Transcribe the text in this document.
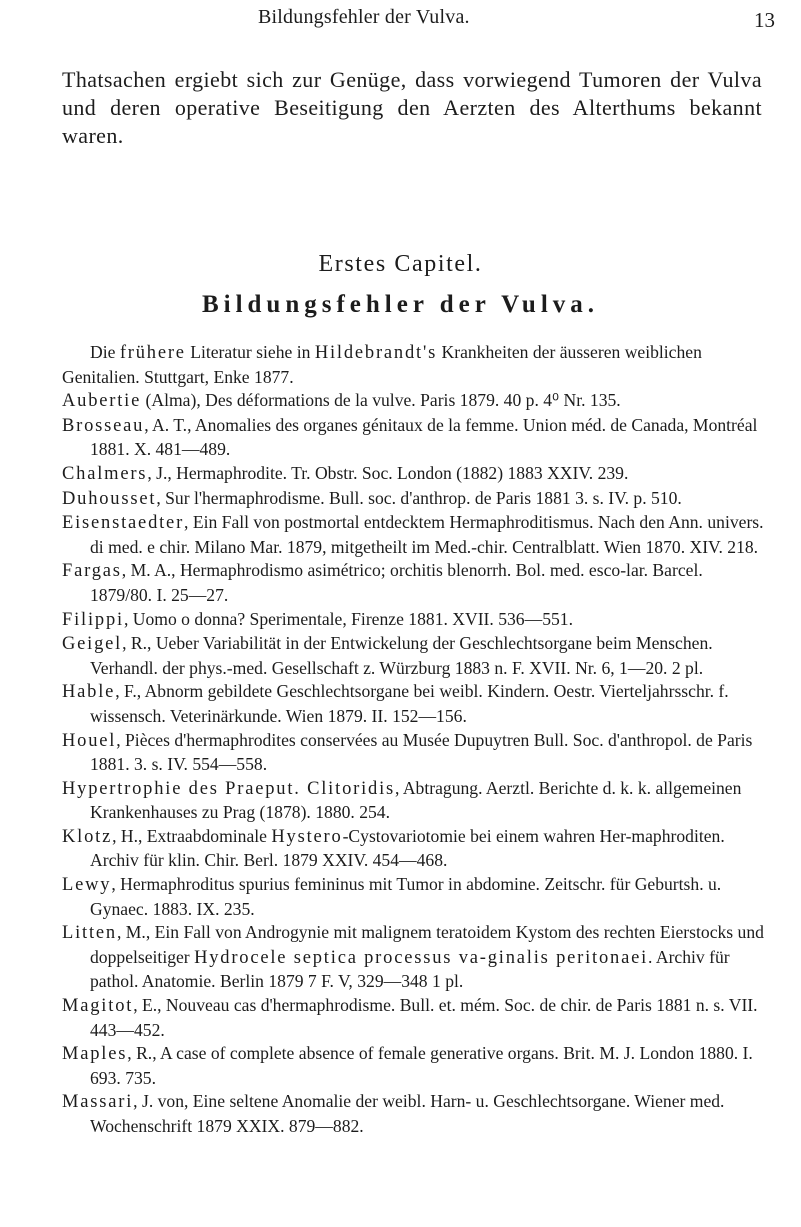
Bildungsfehler der Vulva.	13

Thatsachen ergiebt sich zur Genüge, dass vorwiegend Tumoren der Vulva und deren operative Beseitigung den Aerzten des Alterthums bekannt waren.

Erstes Capitel.
Bildungsfehler der Vulva.

Die frühere Literatur siehe in Hildebrandt's Krankheiten der äusseren weiblichen Genitalien. Stuttgart, Enke 1877.

Aubertie (Alma), Des déformations de la vulve. Paris 1879. 40 p. 4⁰ Nr. 135.

Brosseau, A. T., Anomalies des organes génitaux de la femme. Union méd. de Canada, Montréal 1881. X. 481—489.

Chalmers, J., Hermaphrodite. Tr. Obstr. Soc. London (1882) 1883 XXIV. 239.

Duhousset, Sur l'hermaphrodisme. Bull. soc. d'anthrop. de Paris 1881 3. s. IV. p. 510.

Eisenstaedter, Ein Fall von postmortal entdecktem Hermaphroditismus. Nach den Ann. univers. di med. e chir. Milano Mar. 1879, mitgetheilt im Med.-chir. Centralblatt. Wien 1870. XIV. 218.

Fargas, M. A., Hermaphrodismo asimétrico; orchitis blenorrh. Bol. med. esco-lar. Barcel. 1879/80. I. 25—27.

Filippi, Uomo o donna? Sperimentale, Firenze 1881. XVII. 536—551.

Geigel, R., Ueber Variabilität in der Entwickelung der Geschlechtsorgane beim Menschen. Verhandl. der phys.-med. Gesellschaft z. Würzburg 1883 n. F. XVII. Nr. 6, 1—20. 2 pl.

Hable, F., Abnorm gebildete Geschlechtsorgane bei weibl. Kindern. Oestr. Vierteljahrsschr. f. wissensch. Veterinärkunde. Wien 1879. II. 152—156.

Houel, Pièces d'hermaphrodites conservées au Musée Dupuytren Bull. Soc. d'anthropol. de Paris 1881. 3. s. IV. 554—558.

Hypertrophie des Praeput. Clitoridis, Abtragung. Aerztl. Berichte d. k. k. allgemeinen Krankenhauses zu Prag (1878). 1880. 254.

Klotz, H., Extraabdominale Hystero-Cystovariotomie bei einem wahren Her-maphroditen. Archiv für klin. Chir. Berl. 1879 XXIV. 454—468.

Lewy, Hermaphroditus spurius femininus mit Tumor in abdomine. Zeitschr. für Geburtsh. u. Gynaec. 1883. IX. 235.

Litten, M., Ein Fall von Androgynie mit malignem teratoidem Kystom des rechten Eierstocks und doppelseitiger Hydrocele septica processus va-ginalis peritonaei. Archiv für pathol. Anatomie. Berlin 1879 7 F. V, 329—348 1 pl.

Magitot, E., Nouveau cas d'hermaphrodisme. Bull. et. mém. Soc. de chir. de Paris 1881 n. s. VII. 443—452.

Maples, R., A case of complete absence of female generative organs. Brit. M. J. London 1880. I. 693. 735.

Massari, J. von, Eine seltene Anomalie der weibl. Harn- u. Geschlechtsorgane. Wiener med. Wochenschrift 1879 XXIX. 879—882.
